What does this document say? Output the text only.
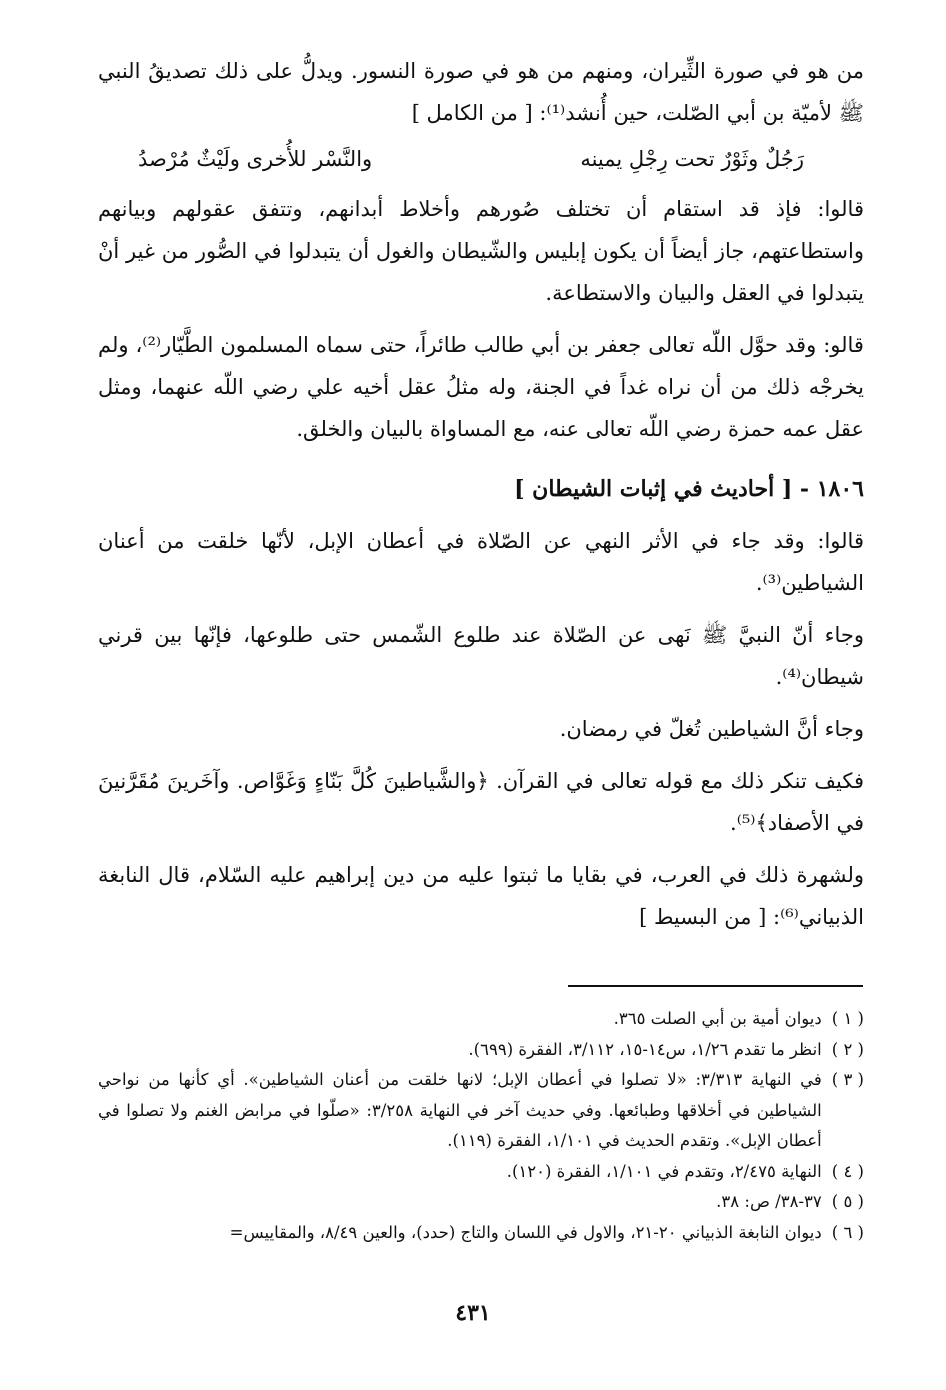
من هو في صورة الثِّيران، ومنهم من هو في صورة النسور. ويدلُّ على ذلك تصديقُ النبي ﷺ لأميّة بن أبي الصّلت، حين أُنشد⁽¹⁾: [ من الكامل ]

رَجُلٌ وثَوْرٌ تحت رِجْلِ يمينه
والنَّسْر للأُخرى ولَيْثٌ مُرْصدُ

قالوا: فإذ قد استقام أن تختلف صُورهم وأخلاط أبدانهم، وتتفق عقولهم وبيانهم واستطاعتهم، جاز أيضاً أن يكون إبليس والشّيطان والغول أن يتبدلوا في الصُّور من غير أنْ يتبدلوا في العقل والبيان والاستطاعة.

قالو: وقد حوَّل اللّه تعالى جعفر بن أبي طالب طائراً، حتى سماه المسلمون الطَّيّار⁽²⁾، ولم يخرجْه ذلك من أن نراه غداً في الجنة، وله مثلُ عقل أخيه علي رضي اللّه عنهما، ومثل عقل عمه حمزة رضي اللّه تعالى عنه، مع المساواة بالبيان والخلق.

١٨٠٦ - [ أحاديث في إثبات الشيطان ]

قالوا: وقد جاء في الأثر النهي عن الصّلاة في أعطان الإبل، لأنّها خلقت من أعنان الشياطين⁽³⁾.

وجاء أنّ النبيَّ ﷺ نَهى عن الصّلاة عند طلوع الشّمس حتى طلوعها، فإنّها بين قرني شيطان⁽⁴⁾.

وجاء أنَّ الشياطين تُغلّ في رمضان.

فكيف تنكر ذلك مع قوله تعالى في القرآن. ﴿والشَّياطينَ كُلَّ بَنّاءٍ وَغَوَّاص. وآخَرينَ مُقَرَّنينَ في الأصفاد﴾⁽⁵⁾.

ولشهرة ذلك في العرب، في بقايا ما ثبتوا عليه من دين إبراهيم عليه السّلام، قال النابغة الذبياني⁽⁶⁾: [ من البسيط ]

( ١ )
ديوان أمية بن أبي الصلت ٣٦٥.

( ٢ )
انظر ما تقدم ١/٢٦، س١٤-١٥، ٣/١١٢، الفقرة (٦٩٩).

( ٣ )
في النهاية ٣/٣١٣: «لا تصلوا في أعطان الإبل؛ لانها خلقت من أعنان الشياطين». أي كأنها من نواحي الشياطين في أخلاقها وطبائعها. وفي حديث آخر في النهاية ٣/٢٥٨: «صلّوا في مرابض الغنم ولا تصلوا في أعطان الإبل». وتقدم الحديث في ١/١٠١، الفقرة (١١٩).

( ٤ )
النهاية ٢/٤٧٥، وتقدم في ١/١٠١، الفقرة (١٢٠).

( ٥ )
٣٧-٣٨/ ص: ٣٨.

( ٦ )
ديوان النابغة الذبياني ٢٠-٢١، والاول في اللسان والتاج (حدد)، والعين ٨/٤٩، والمقاييس=

٤٣١
